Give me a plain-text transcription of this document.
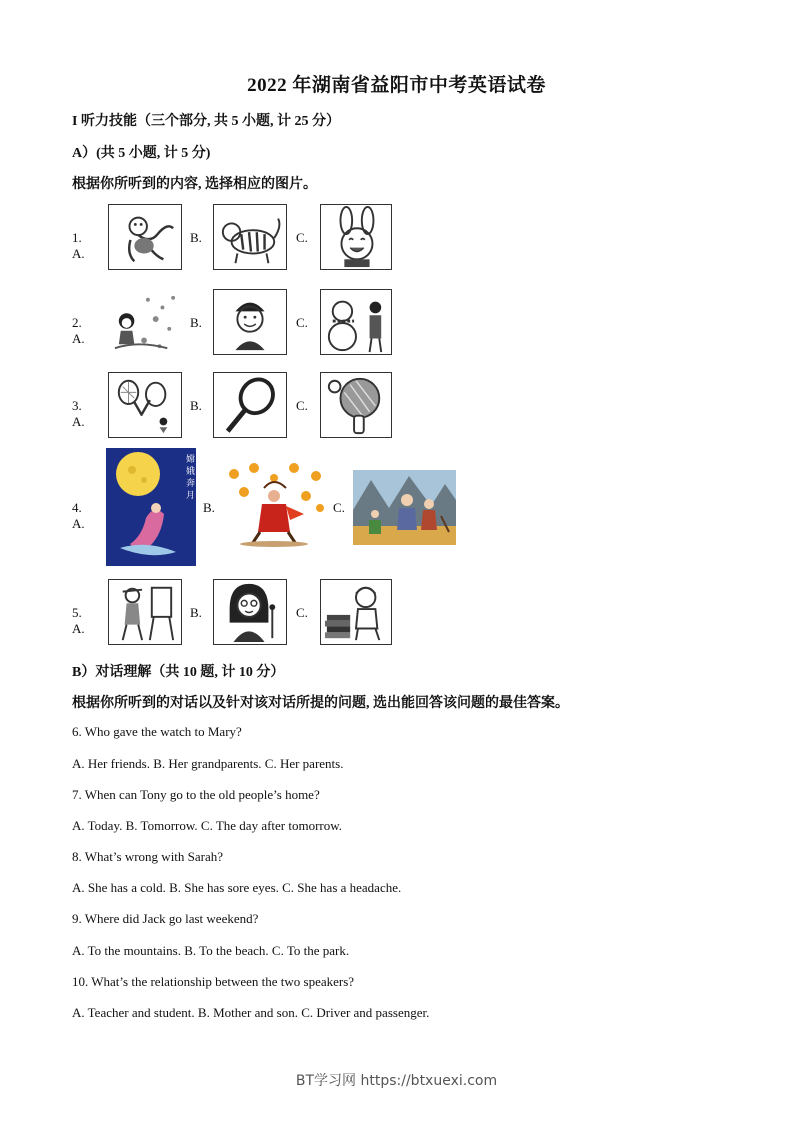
2022 年湖南省益阳市中考英语试卷
I 听力技能（三个部分, 共 5 小题, 计 25 分）
A）(共 5 小题, 计 5 分)
根据你所听到的内容, 选择相应的图片。
1. A.
B.	C.
2. A.
B.	C.
3. A.
B.	C.
4. A.
嫦
娥
奔
月
B.	C.
5. A.
B.	C.
B）对话理解（共 10 题, 计 10 分）
根据你所听到的对话以及针对该对话所提的问题, 选出能回答该问题的最佳答案。
6. Who gave the watch to Mary?
A. Her friends. B. Her grandparents. C. Her parents.
7. When can Tony go to the old people’s home?
A. Today. B. Tomorrow. C. The day after tomorrow.
8. What’s wrong with Sarah?
A. She has a cold. B. She has sore eyes. C. She has a headache.
9. Where did Jack go last weekend?
A. To the mountains. B. To the beach. C. To the park.
10. What’s the relationship between the two speakers?
A. Teacher and student. B. Mother and son. C. Driver and passenger.
BT学习网 https://btxuexi.com
